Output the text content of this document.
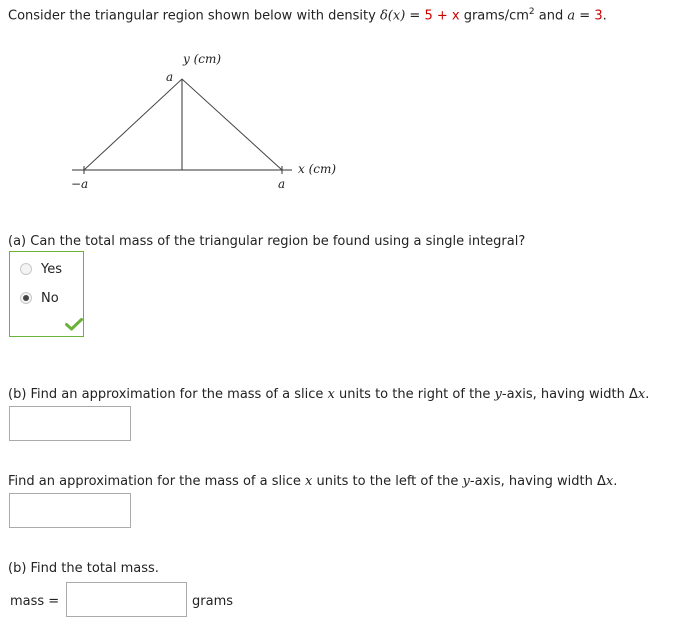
Consider the triangular region shown below with density δ(x) = 5 + x grams/$cm^2$ and a = 3.
y (cm)
x (cm)
a
−a	a
(a) Can the total mass of the triangular region be found using a single integral?
Yes
No
(b) Find an approximation for the mass of a slice x units to the right of the y-axis, having width Δx.
Find an approximation for the mass of a slice x units to the left of the y-axis, having width Δx.
(b) Find the total mass.
mass =	grams
